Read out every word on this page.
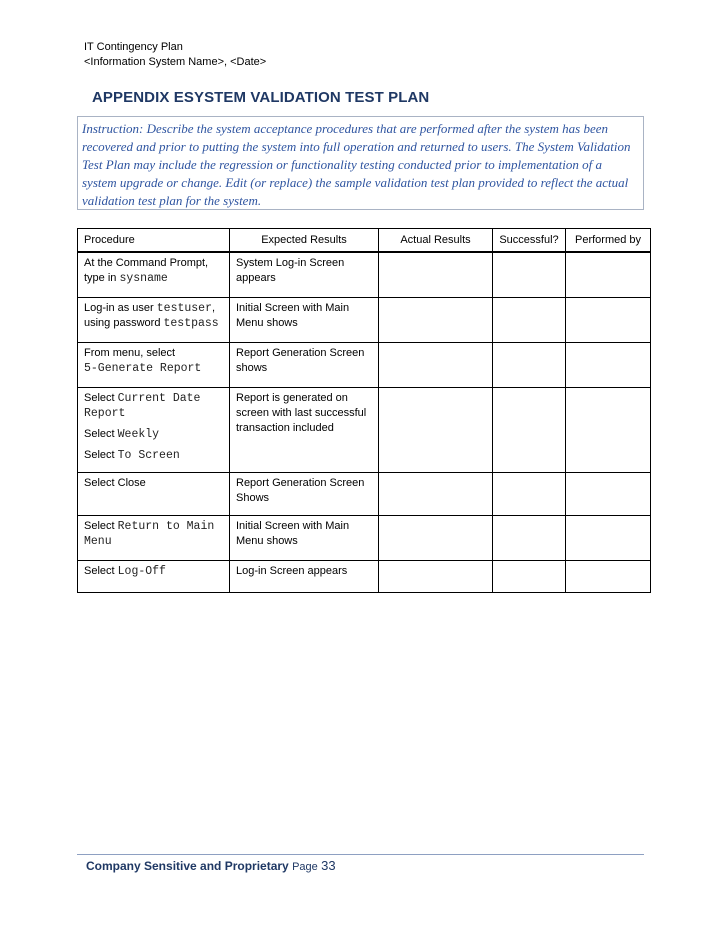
IT Contingency Plan
<Information System Name>, <Date>
APPENDIX ESYSTEM VALIDATION TEST PLAN
Instruction: Describe the system acceptance procedures that are performed after the system has been recovered and prior to putting the system into full operation and returned to users. The System Validation Test Plan may include the regression or functionality testing conducted prior to implementation of a system upgrade or change. Edit (or replace) the sample validation test plan provided to reflect the actual validation test plan for the system.
Procedure	Expected Results	Actual Results	Successful?	Performed by

At the Command Prompt,
type in sysname	System Log-in Screen appears			

Log-in as user testuser,
using password testpass	Initial Screen with Main Menu shows			

From menu, select
5-Generate Report	Report Generation Screen shows			

Select Current Date Report
Select Weekly
Select To Screen	Report is generated on screen with last successful transaction included			
Select Close	Report Generation Screen Shows			
Select Return to Main Menu	Initial Screen with Main Menu shows			
Select Log-Off	Log-in Screen appears			
Company Sensitive and Proprietary Page 33
